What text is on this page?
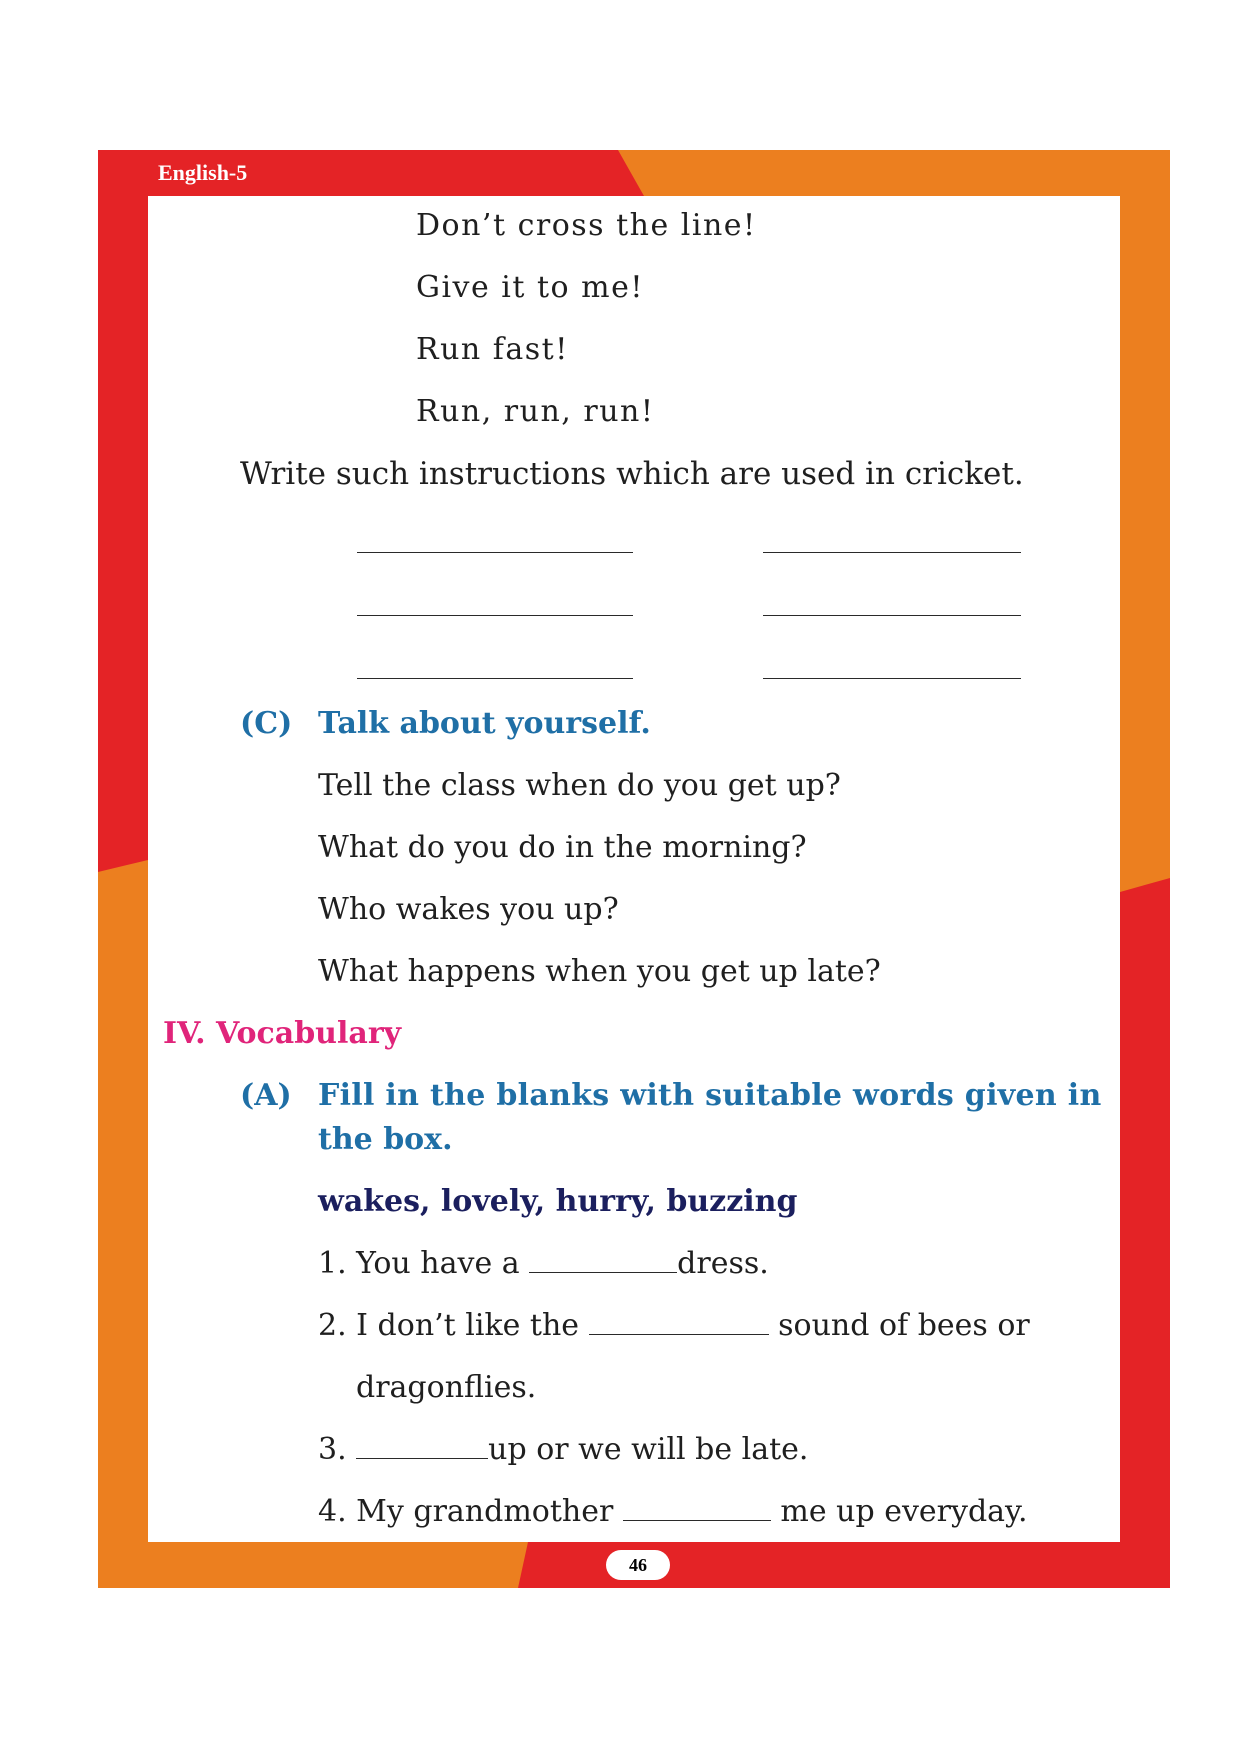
English-5
46
Don’t cross the line!
Give it to me!
Run fast!
Run, run, run!
Write such instructions which are used in cricket.
(C) Talk about yourself.
Tell the class when do you get up?
What do you do in the morning?
Who wakes you up?
What happens when you get up late?
IV. Vocabulary
(A) Fill in the blanks with suitable words given in
the box.
wakes, lovely, hurry, buzzing
1. You have a	dress.
2. I don’t like the	sound of bees or
dragonflies.
3.	up or we will be late.
4. My grandmother	me up everyday.
